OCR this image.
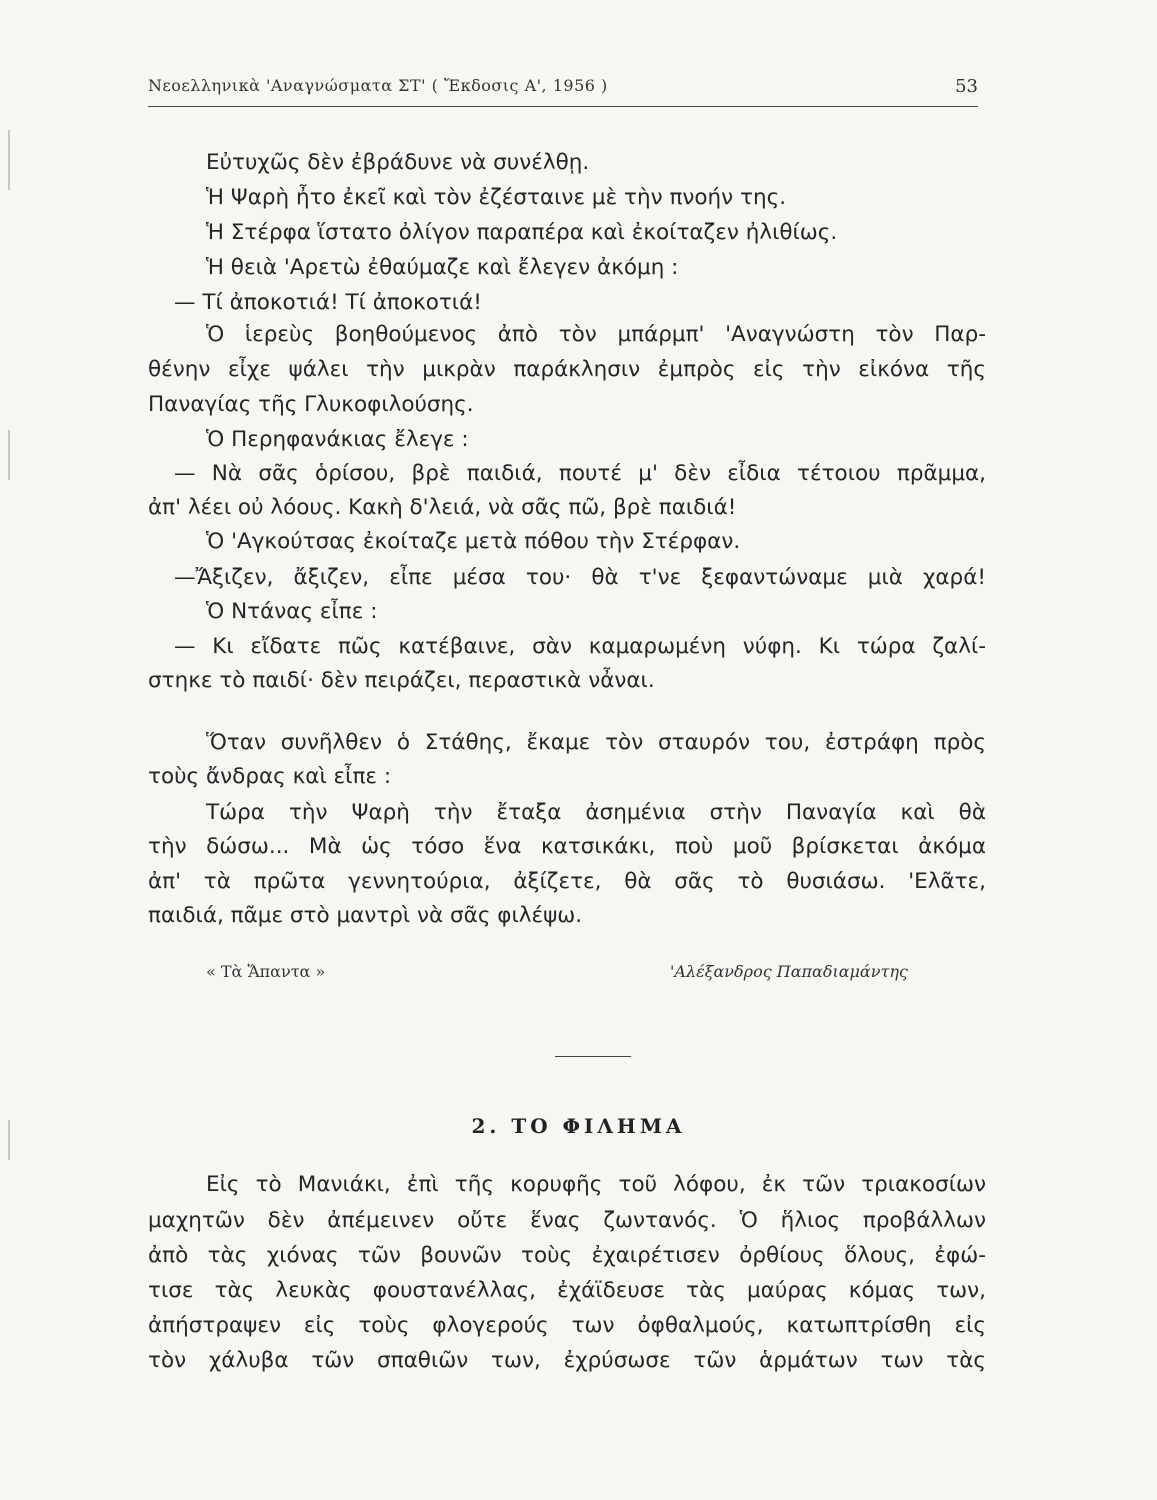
Νεοελληνικὰ 'Αναγνώσματα ΣΤ' ( Ἔκδοσις Α', 1956 )	53
Εὐτυχῶς δὲν ἐβράδυνε νὰ συνέλθῃ.
Ἡ Ψαρὴ ἦτο ἐκεῖ καὶ τὸν ἐζέσταινε μὲ τὴν πνοήν της.
Ἡ Στέρφα ἵστατο ὀλίγον παραπέρα καὶ ἐκοίταζεν ἠλιθίως.
Ἡ θειὰ 'Αρετὼ ἐθαύμαζε καὶ ἔλεγεν ἀκόμη :
— Τί ἀποκοτιά! Τί ἀποκοτιά!
Ὁ ἱερεὺς βοηθούμενος ἀπὸ τὸν μπάρμπ' 'Αναγνώστη τὸν Παρ-
θένην εἶχε ψάλει τὴν μικρὰν παράκλησιν ἐμπρὸς εἰς τὴν εἰκόνα τῆς
Παναγίας τῆς Γλυκοφιλούσης.
Ὁ Περηφανάκιας ἔλεγε :
— Νὰ σᾶς ὁρίσου, βρὲ παιδιά, πουτέ μ' δὲν εἶδια τέτοιου πρᾶμμα,
ἀπ' λέει οὐ λόους. Κακὴ δ'λειά, νὰ σᾶς πῶ, βρὲ παιδιά!
Ὁ 'Αγκούτσας ἐκοίταζε μετὰ πόθου τὴν Στέρφαν.
—Ἄξιζεν, ἄξιζεν, εἶπε μέσα του· θὰ τ'νε ξεφαντώναμε μιὰ χαρά!
Ὁ Ντάνας εἶπε :
— Κι εἴδατε πῶς κατέβαινε, σὰν καμαρωμένη νύφη. Κι τώρα ζαλί-
στηκε τὸ παιδί· δὲν πειράζει, περαστικὰ νἆναι.
Ὅταν συνῆλθεν ὁ Στάθης, ἔκαμε τὸν σταυρόν του, ἐστράφη πρὸς
τοὺς ἄνδρας καὶ εἶπε :
Τώρα τὴν Ψαρὴ τὴν ἔταξα ἀσημένια στὴν Παναγία καὶ θὰ
τὴν δώσω... Μὰ ὡς τόσο ἕνα κατσικάκι, ποὺ μοῦ βρίσκεται ἀκόμα
ἀπ' τὰ πρῶτα γεννητούρια, ἀξίζετε, θὰ σᾶς τὸ θυσιάσω. 'Ελᾶτε,
παιδιά, πᾶμε στὸ μαντρὶ νὰ σᾶς φιλέψω.
« Τὰ Ἅπαντα »	'Αλέξανδρος Παπαδιαμάντης
2. ΤΟ ΦΙΛΗΜΑ
Εἰς τὸ Μανιάκι, ἐπὶ τῆς κορυφῆς τοῦ λόφου, ἐκ τῶν τριακοσίων
μαχητῶν δὲν ἀπέμεινεν οὔτε ἕνας ζωντανός. Ὁ ἥλιος προβάλλων
ἀπὸ τὰς χιόνας τῶν βουνῶν τοὺς ἐχαιρέτισεν ὀρθίους ὅλους, ἐφώ-
τισε τὰς λευκὰς φουστανέλλας, ἐχάϊδευσε τὰς μαύρας κόμας των,
ἀπήστραψεν εἰς τοὺς φλογερούς των ὀφθαλμούς, κατωπτρίσθη εἰς
τὸν χάλυβα τῶν σπαθιῶν των, ἐχρύσωσε τῶν ἁρμάτων των τὰς
